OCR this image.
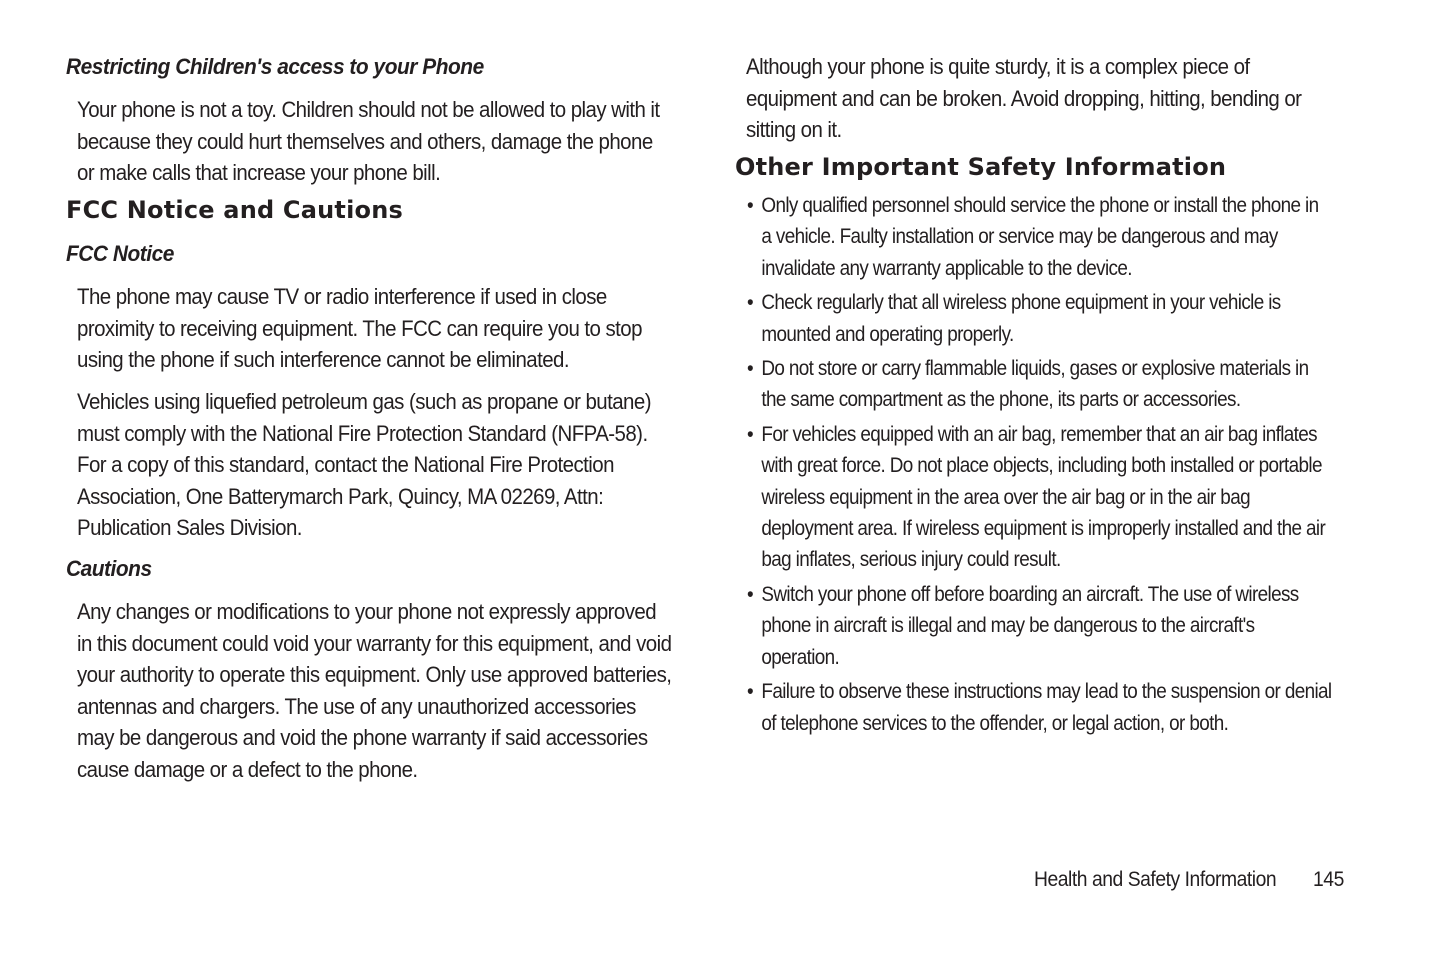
Restricting Children's access to your Phone

Your phone is not a toy. Children should not be allowed to play with it because they could hurt themselves and others, damage the phone or make calls that increase your phone bill.

FCC Notice and Cautions
FCC Notice

The phone may cause TV or radio interference if used in close proximity to receiving equipment. The FCC can require you to stop using the phone if such interference cannot be eliminated.

Vehicles using liquefied petroleum gas (such as propane or butane) must comply with the National Fire Protection Standard (NFPA-58). For a copy of this standard, contact the National Fire Protection Association, One Batterymarch Park, Quincy, MA 02269, Attn: Publication Sales Division.

Cautions

Any changes or modifications to your phone not expressly approved in this document could void your warranty for this equipment, and void your authority to operate this equipment. Only use approved batteries, antennas and chargers. The use of any unauthorized accessories may be dangerous and void the phone warranty if said accessories cause damage or a defect to the phone.

Although your phone is quite sturdy, it is a complex piece of equipment and can be broken. Avoid dropping, hitting, bending or sitting on it.

Other Important Safety Information
• Only qualified personnel should service the phone or install the phone in a vehicle. Faulty installation or service may be dangerous and may invalidate any warranty applicable to the device.
• Check regularly that all wireless phone equipment in your vehicle is mounted and operating properly.
• Do not store or carry flammable liquids, gases or explosive materials in the same compartment as the phone, its parts or accessories.
• For vehicles equipped with an air bag, remember that an air bag inflates with great force. Do not place objects, including both installed or portable wireless equipment in the area over the air bag or in the air bag deployment area. If wireless equipment is improperly installed and the air bag inflates, serious injury could result.
• Switch your phone off before boarding an aircraft. The use of wireless phone in aircraft is illegal and may be dangerous to the aircraft's operation.
• Failure to observe these instructions may lead to the suspension or denial of telephone services to the offender, or legal action, or both.
Health and Safety Information 145
